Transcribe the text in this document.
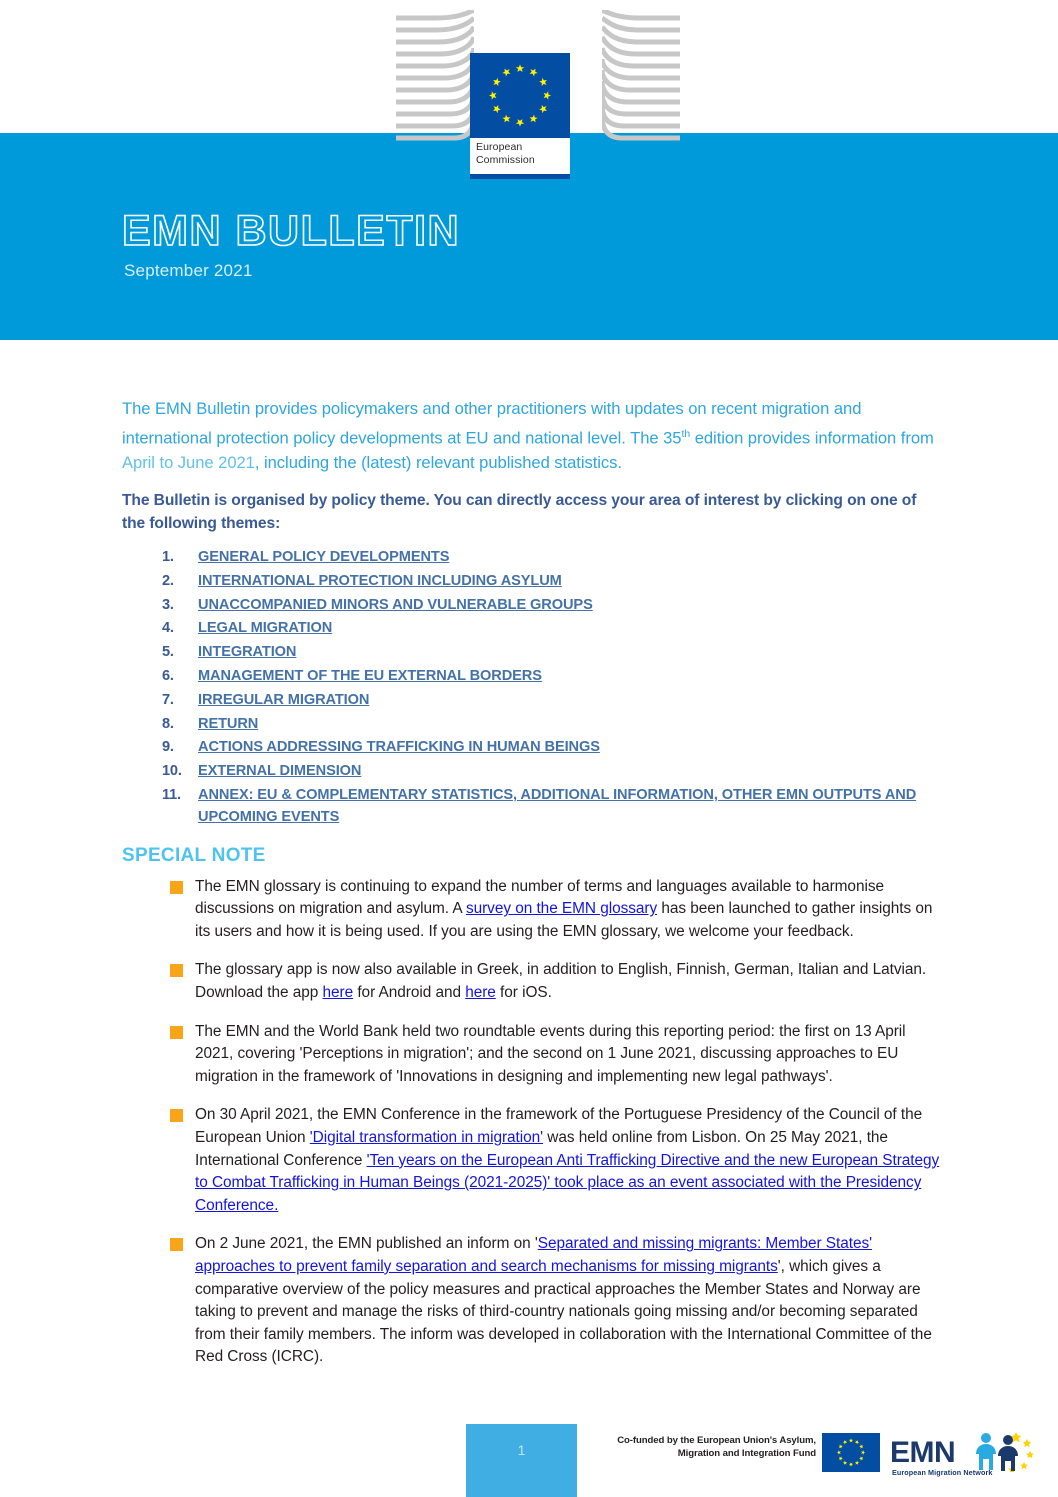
European
Commission
EMN BULLETIN
September 2021

The EMN Bulletin provides policymakers and other practitioners with updates on recent migration and international protection policy developments at EU and national level. The 35th edition provides information from April to June 2021, including the (latest) relevant published statistics.

The Bulletin is organised by policy theme. You can directly access your area of interest by clicking on one of the following themes:

GENERAL POLICY DEVELOPMENTS
INTERNATIONAL PROTECTION INCLUDING ASYLUM
UNACCOMPANIED MINORS AND VULNERABLE GROUPS
LEGAL MIGRATION
INTEGRATION
MANAGEMENT OF THE EU EXTERNAL BORDERS
IRREGULAR MIGRATION
RETURN
ACTIONS ADDRESSING TRAFFICKING IN HUMAN BEINGS
EXTERNAL DIMENSION
ANNEX: EU & COMPLEMENTARY STATISTICS, ADDITIONAL INFORMATION, OTHER EMN OUTPUTS AND UPCOMING EVENTS
SPECIAL NOTE
The EMN glossary is continuing to expand the number of terms and languages available to harmonise discussions on migration and asylum. A survey on the EMN glossary has been launched to gather insights on its users and how it is being used. If you are using the EMN glossary, we welcome your feedback.
The glossary app is now also available in Greek, in addition to English, Finnish, German, Italian and Latvian. Download the app here for Android and here for iOS.
The EMN and the World Bank held two roundtable events during this reporting period: the first on 13 April 2021, covering 'Perceptions in migration'; and the second on 1 June 2021, discussing approaches to EU migration in the framework of 'Innovations in designing and implementing new legal pathways'.
On 30 April 2021, the EMN Conference in the framework of the Portuguese Presidency of the Council of the European Union 'Digital transformation in migration' was held online from Lisbon. On 25 May 2021, the International Conference 'Ten years on the European Anti Trafficking Directive and the new European Strategy to Combat Trafficking in Human Beings (2021-2025)' took place as an event associated with the Presidency Conference.
On 2 June 2021, the EMN published an inform on 'Separated and missing migrants: Member States' approaches to prevent family separation and search mechanisms for missing migrants', which gives a comparative overview of the policy measures and practical approaches the Member States and Norway are taking to prevent and manage the risks of third-country nationals going missing and/or becoming separated from their family members. The inform was developed in collaboration with the International Committee of the Red Cross (ICRC).
1
Co-funded by the European Union's Asylum,
Migration and Integration Fund EMN
European Migration Network
